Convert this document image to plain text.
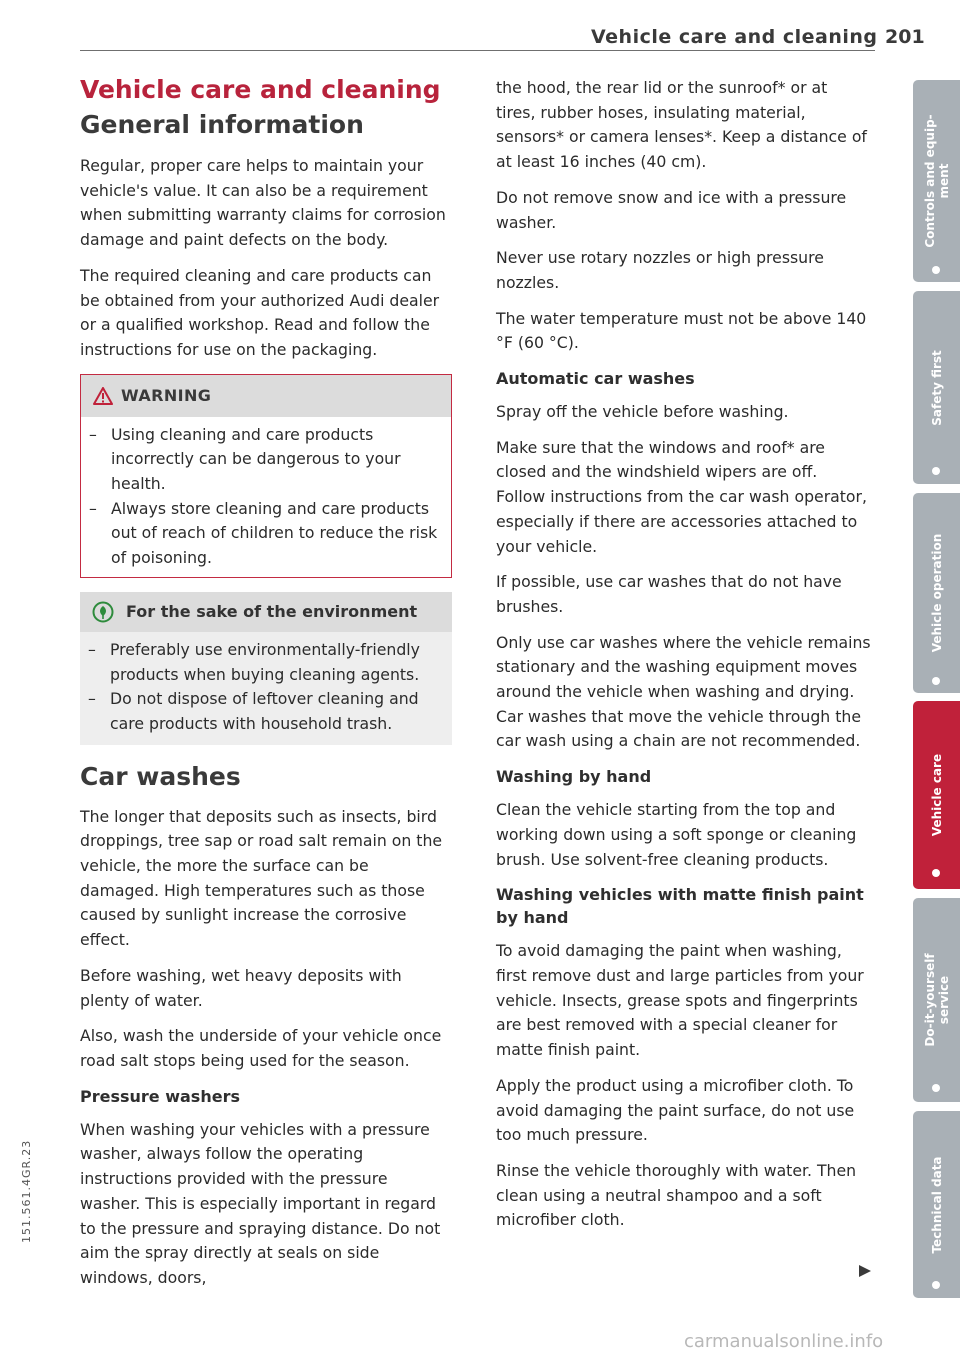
Vehicle care and cleaning 201
Vehicle care and cleaning
General information

Regular, proper care helps to maintain your vehicle's value. It can also be a requirement when submitting warranty claims for corrosion damage and paint defects on the body.

The required cleaning and care products can be obtained from your authorized Audi dealer or a qualified workshop. Read and follow the instructions for use on the packaging.

WARNING
– Using cleaning and care products incorrectly can be dangerous to your health.
– Always store cleaning and care products out of reach of children to reduce the risk of poisoning.
For the sake of the environment
– Preferably use environmentally-friendly products when buying cleaning agents.
– Do not dispose of leftover cleaning and care products with household trash.
Car washes

The longer that deposits such as insects, bird droppings, tree sap or road salt remain on the vehicle, the more the surface can be damaged. High temperatures such as those caused by sunlight increase the corrosive effect.

Before washing, wet heavy deposits with plenty of water.

Also, wash the underside of your vehicle once road salt stops being used for the season.

Pressure washers

When washing your vehicles with a pressure washer, always follow the operating instructions provided with the pressure washer. This is especially important in regard to the pressure and spraying distance. Do not aim the spray directly at seals on side windows, doors,

the hood, the rear lid or the sunroof* or at tires, rubber hoses, insulating material, sensors* or camera lenses*. Keep a distance of at least 16 inches (40 cm).

Do not remove snow and ice with a pressure washer.

Never use rotary nozzles or high pressure nozzles.

The water temperature must not be above 140 °F (60 °C).

Automatic car washes

Spray off the vehicle before washing.

Make sure that the windows and roof* are closed and the windshield wipers are off. Follow instructions from the car wash operator, especially if there are accessories attached to your vehicle.

If possible, use car washes that do not have brushes.

Only use car washes where the vehicle remains stationary and the washing equipment moves around the vehicle when washing and drying. Car washes that move the vehicle through the car wash using a chain are not recommended.

Washing by hand

Clean the vehicle starting from the top and working down using a soft sponge or cleaning brush. Use solvent-free cleaning products.

Washing vehicles with matte finish paint by hand

To avoid damaging the paint when washing, first remove dust and large particles from your vehicle. Insects, grease spots and fingerprints are best removed with a special cleaner for matte finish paint.

Apply the product using a microfiber cloth. To avoid damaging the paint surface, do not use too much pressure.

Rinse the vehicle thoroughly with water. Then clean using a neutral shampoo and a soft microfiber cloth.

Controls and equip-
ment
Safety first
Vehicle operation
Vehicle care
Do-it-yourself
service
Technical data
151.561.4GR.23
carmanualsonline.info
